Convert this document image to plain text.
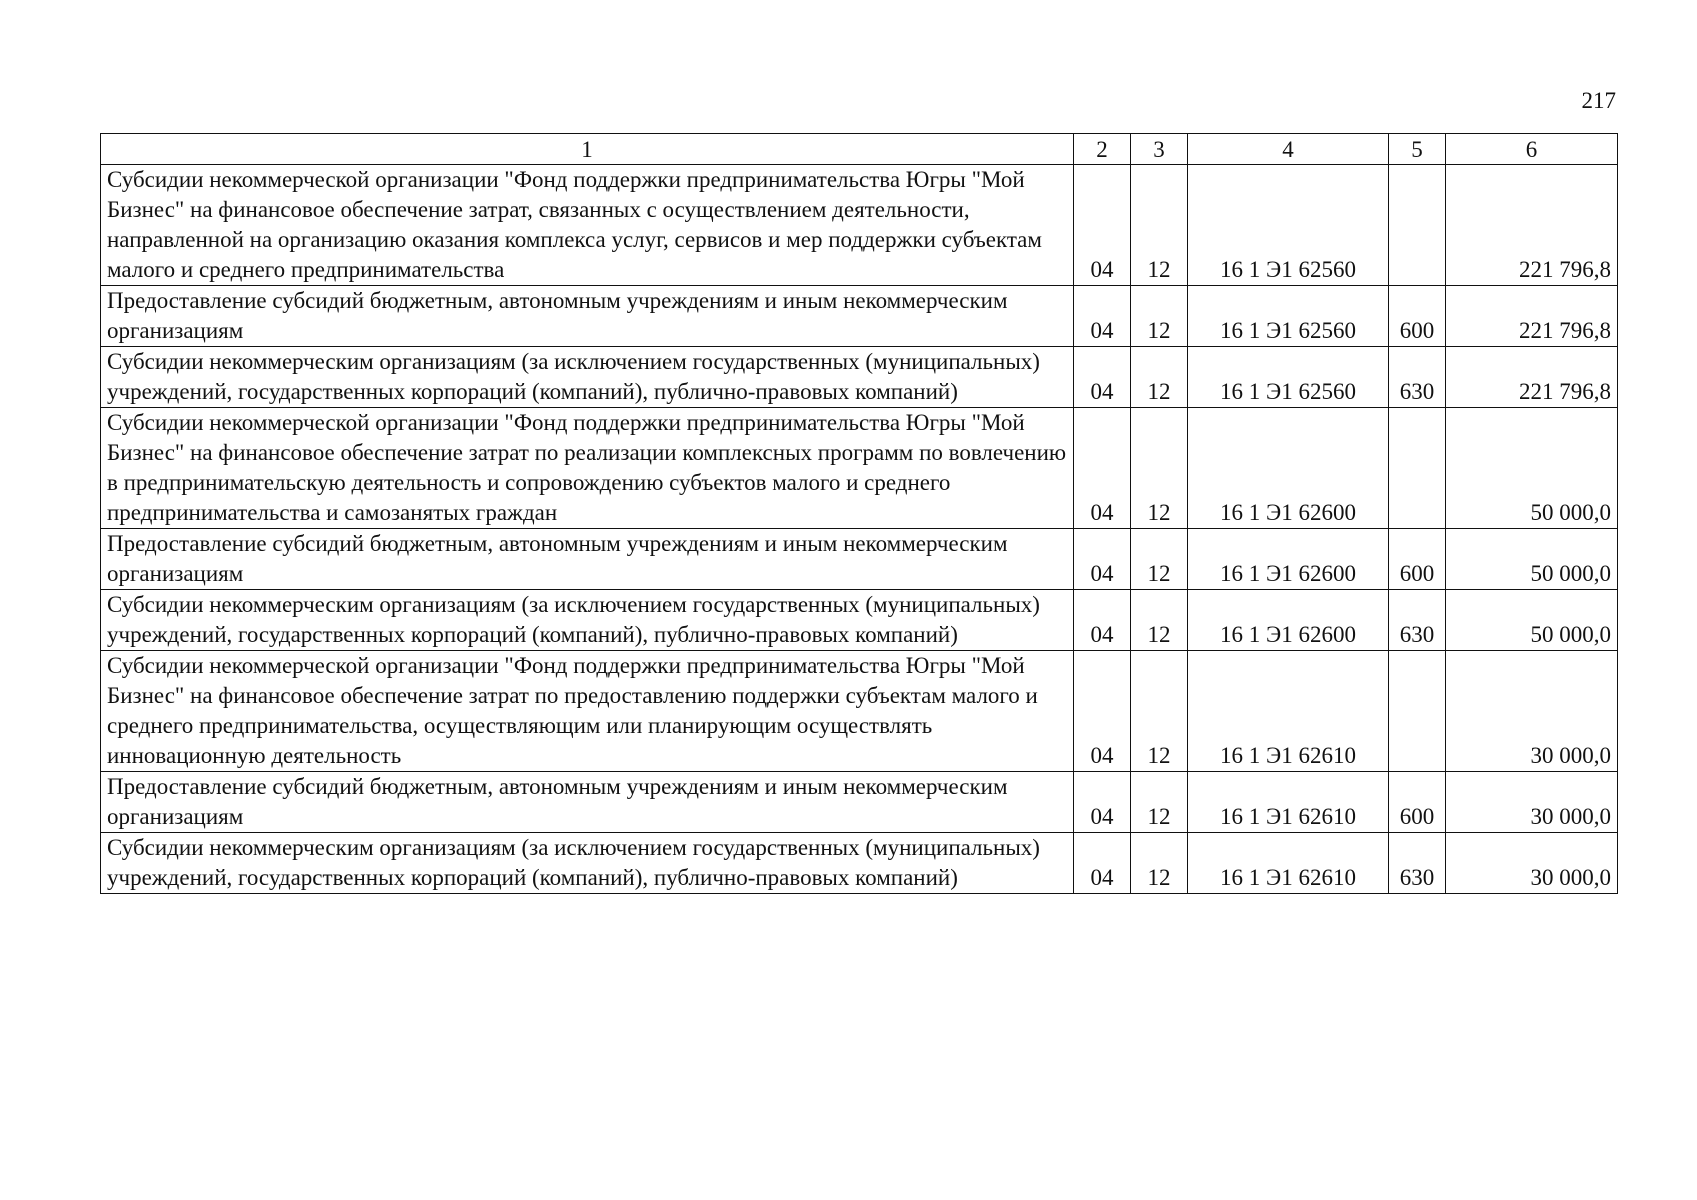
217
1	2	3	4	5	6
Субсидии некоммерческой организации "Фонд поддержки предпринимательства Югры "Мой Бизнес" на финансовое обеспечение затрат, связанных с осуществлением деятельности, направленной на организацию оказания комплекса услуг, сервисов и мер поддержки субъектам малого и среднего предпринимательства	04	12	16 1 Э1 62560		221 796,8
Предоставление субсидий бюджетным, автономным учреждениям и иным некоммерческим организациям	04	12	16 1 Э1 62560	600	221 796,8
Субсидии некоммерческим организациям (за исключением государственных (муниципальных) учреждений, государственных корпораций (компаний), публично-правовых компаний)	04	12	16 1 Э1 62560	630	221 796,8
Субсидии некоммерческой организации "Фонд поддержки предпринимательства Югры "Мой Бизнес" на финансовое обеспечение затрат по реализации комплексных программ по вовлечению в предпринимательскую деятельность и сопровождению субъектов малого и среднего предпринимательства и самозанятых граждан	04	12	16 1 Э1 62600		50 000,0
Предоставление субсидий бюджетным, автономным учреждениям и иным некоммерческим организациям	04	12	16 1 Э1 62600	600	50 000,0
Субсидии некоммерческим организациям (за исключением государственных (муниципальных) учреждений, государственных корпораций (компаний), публично-правовых компаний)	04	12	16 1 Э1 62600	630	50 000,0
Субсидии некоммерческой организации "Фонд поддержки предпринимательства Югры "Мой Бизнес" на финансовое обеспечение затрат по предоставлению поддержки субъектам малого и среднего предпринимательства, осуществляющим или планирующим осуществлять инновационную деятельность	04	12	16 1 Э1 62610		30 000,0
Предоставление субсидий бюджетным, автономным учреждениям и иным некоммерческим организациям	04	12	16 1 Э1 62610	600	30 000,0
Субсидии некоммерческим организациям (за исключением государственных (муниципальных) учреждений, государственных корпораций (компаний), публично-правовых компаний)	04	12	16 1 Э1 62610	630	30 000,0
